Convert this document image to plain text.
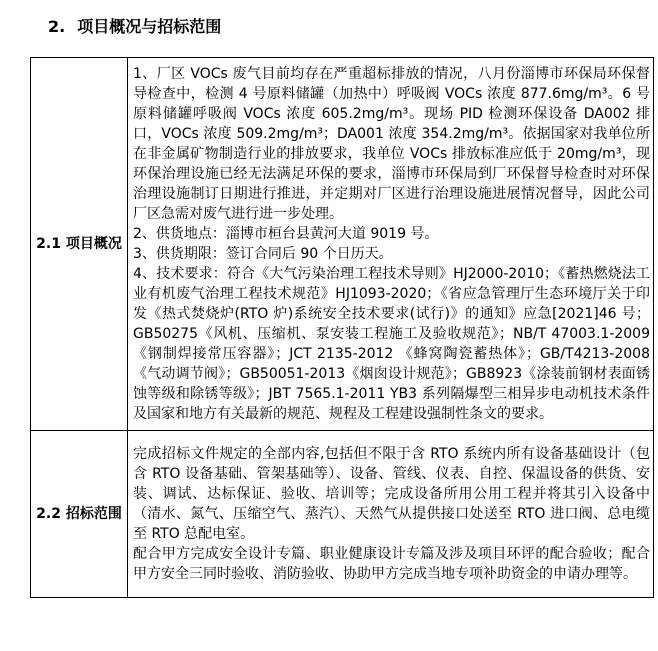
2. 项目概况与招标范围
2.1 项目概况	1、厂区 VOCs 废气目前均存在严重超标排放的情况，八月份淄博市环保局环保督导检查中，检测 4 号原料储罐（加热中）呼吸阀 VOCs 浓度 877.6mg/m³。6 号原料储罐呼吸阀 VOCs 浓度 605.2mg/m³。现场 PID 检测环保设备 DA002 排口，VOCs 浓度 509.2mg/m³；DA001 浓度 354.2mg/m³。依据国家对我单位所在非金属矿物制造行业的排放要求，我单位 VOCs 排放标准应低于 20mg/m³，现环保治理设施已经无法满足环保的要求，淄博市环保局到厂环保督导检查时对环保治理设施制订日期进行推进，并定期对厂区进行治理设施进展情况督导，因此公司厂区急需对废气进行进一步处理。

2、供货地点：淄博市桓台县黄河大道 9019 号。

3、供货期限：签订合同后 90 个日历天。

4、技术要求：符合《大气污染治理工程技术导则》HJ2000-2010；《蓄热燃烧法工业有机废气治理工程技术规范》HJ1093-2020；《省应急管理厅生态环境厅关于印发《热式焚烧炉(RTO 炉)系统安全技术要求(试行)》的通知》应急[2021]46 号；GB50275《风机、压缩机、泵安装工程施工及验收规范》；NB/T 47003.1-2009《钢制焊接常压容器》；JCT 2135-2012 《蜂窝陶瓷蓄热体》；GB/T4213-2008《气动调节阀》；GB50051-2013《烟囱设计规范》；GB8923《涂装前钢材表面锈蚀等级和除锈等级》；JBT 7565.1-2011 YB3 系列隔爆型三相异步电动机技术条件及国家和地方有关最新的规范、规程及工程建设强制性条文的要求。

2.2 招标范围	完成招标文件规定的全部内容,包括但不限于含 RTO 系统内所有设备基础设计（包含 RTO 设备基础、管架基础等）、设备、管线、仪表、自控、保温设备的供货、安装、调试、达标保证、验收、培训等；完成设备所用公用工程并将其引入设备中（清水、氮气、压缩空气、蒸汽）、天然气从提供接口处送至 RTO 进口阀、总电缆至 RTO 总配电室。

配合甲方完成安全设计专篇、职业健康设计专篇及涉及项目环评的配合验收；配合甲方安全三同时验收、消防验收、协助甲方完成当地专项补助资金的申请办理等。
